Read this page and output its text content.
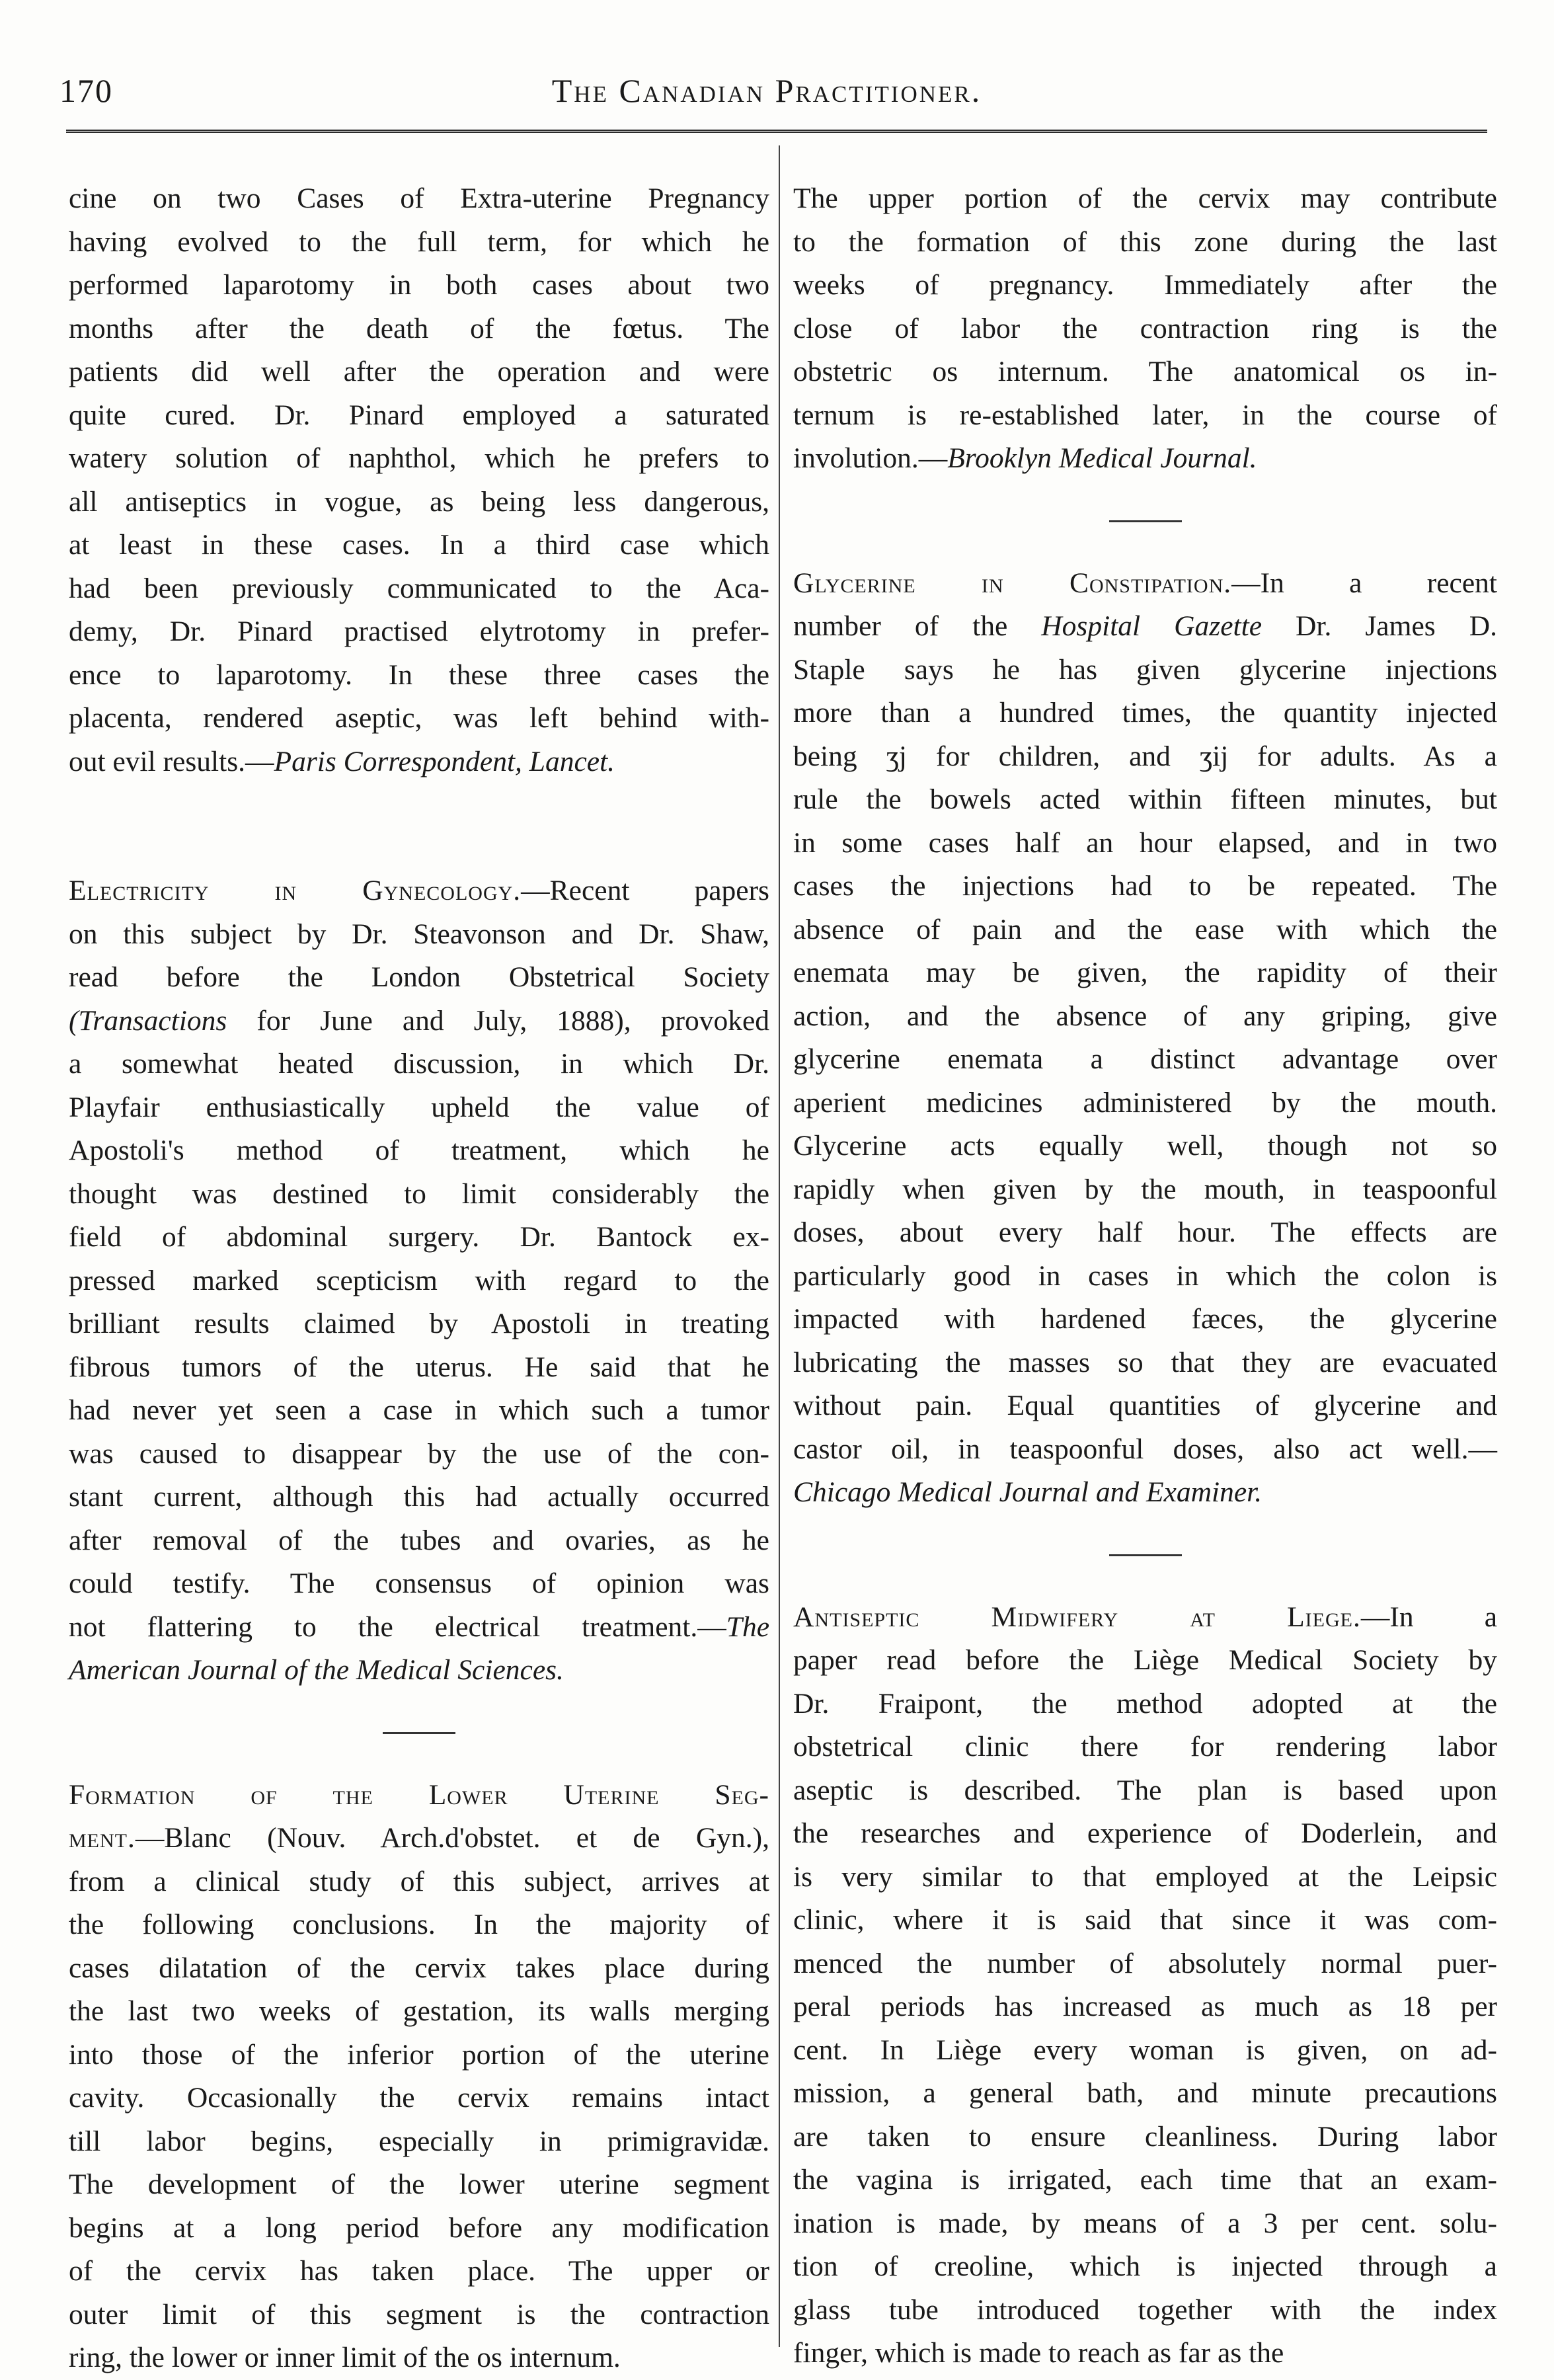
170	The Canadian Practitioner.
cine on two Cases of Extra-uterine Pregnancy
having evolved to the full term, for which he
performed laparotomy in both cases about two
months after the death of the fœtus. The
patients did well after the operation and were
quite cured. Dr. Pinard employed a saturated
watery solution of naphthol, which he prefers to
all antiseptics in vogue, as being less dangerous,
at least in these cases. In a third case which
had been previously communicated to the Aca-
demy, Dr. Pinard practised elytrotomy in prefer-
ence to laparotomy. In these three cases the
placenta, rendered aseptic, was left behind with-
out evil results.—Paris Correspondent, Lancet.
Electricity in Gynecology.—Recent papers
on this subject by Dr. Steavonson and Dr. Shaw,
read before the London Obstetrical Society
(Transactions for June and July, 1888), provoked
a somewhat heated discussion, in which Dr.
Playfair enthusiastically upheld the value of
Apostoli's method of treatment, which he
thought was destined to limit considerably the
field of abdominal surgery. Dr. Bantock ex-
pressed marked scepticism with regard to the
brilliant results claimed by Apostoli in treating
fibrous tumors of the uterus. He said that he
had never yet seen a case in which such a tumor
was caused to disappear by the use of the con-
stant current, although this had actually occurred
after removal of the tubes and ovaries, as he
could testify. The consensus of opinion was
not flattering to the electrical treatment.—The
American Journal of the Medical Sciences.
Formation of the Lower Uterine Seg-
ment.—Blanc (Nouv. Arch.d'obstet. et de Gyn.),
from a clinical study of this subject, arrives at
the following conclusions. In the majority of
cases dilatation of the cervix takes place during
the last two weeks of gestation, its walls merging
into those of the inferior portion of the uterine
cavity. Occasionally the cervix remains intact
till labor begins, especially in primigravidæ.
The development of the lower uterine segment
begins at a long period before any modification
of the cervix has taken place. The upper or
outer limit of this segment is the contraction
ring, the lower or inner limit of the os internum.
The upper portion of the cervix may contribute
to the formation of this zone during the last
weeks of pregnancy. Immediately after the
close of labor the contraction ring is the
obstetric os internum. The anatomical os in-
ternum is re-established later, in the course of
involution.—Brooklyn Medical Journal.
Glycerine in Constipation.—In a recent
number of the Hospital Gazette Dr. James D.
Staple says he has given glycerine injections
more than a hundred times, the quantity injected
being ʒj for children, and ʒij for adults. As a
rule the bowels acted within fifteen minutes, but
in some cases half an hour elapsed, and in two
cases the injections had to be repeated. The
absence of pain and the ease with which the
enemata may be given, the rapidity of their
action, and the absence of any griping, give
glycerine enemata a distinct advantage over
aperient medicines administered by the mouth.
Glycerine acts equally well, though not so
rapidly when given by the mouth, in teaspoonful
doses, about every half hour. The effects are
particularly good in cases in which the colon is
impacted with hardened fæces, the glycerine
lubricating the masses so that they are evacuated
without pain. Equal quantities of glycerine and
castor oil, in teaspoonful doses, also act well.—
Chicago Medical Journal and Examiner.
Antiseptic Midwifery at Liege.—In a
paper read before the Liège Medical Society by
Dr. Fraipont, the method adopted at the
obstetrical clinic there for rendering labor
aseptic is described. The plan is based upon
the researches and experience of Doderlein, and
is very similar to that employed at the Leipsic
clinic, where it is said that since it was com-
menced the number of absolutely normal puer-
peral periods has increased as much as 18 per
cent. In Liège every woman is given, on ad-
mission, a general bath, and minute precautions
are taken to ensure cleanliness. During labor
the vagina is irrigated, each time that an exam-
ination is made, by means of a 3 per cent. solu-
tion of creoline, which is injected through a
glass tube introduced together with the index
finger, which is made to reach as far as the
